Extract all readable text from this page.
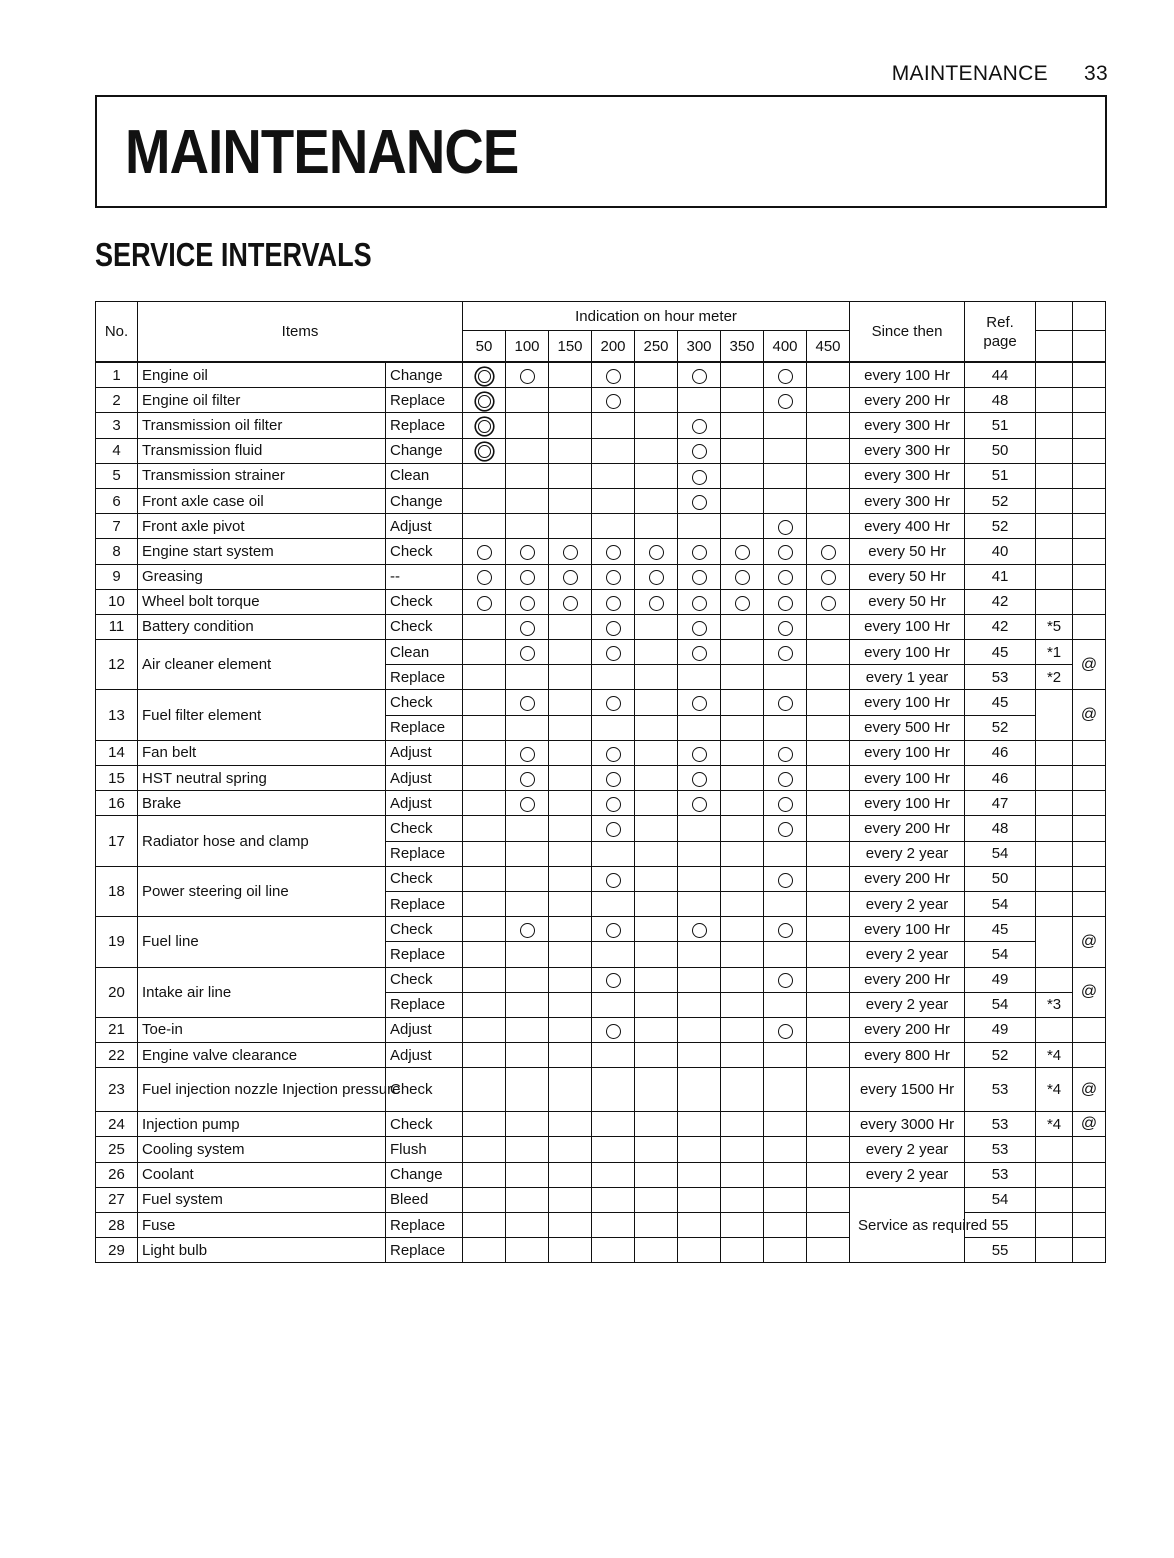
MAINTENANCE 33
MAINTENANCE
SERVICE INTERVALS
No.	Items		Indication on hour meter									Since then	Ref. page		
			50	100	150	200	250	300	350	400	450				
1	Engine oil	Change										every 100 Hr	44		
2	Engine oil filter	Replace										every 200 Hr	48		
3	Transmission oil filter	Replace										every 300 Hr	51		
4	Transmission fluid	Change										every 300 Hr	50		
5	Transmission strainer	Clean										every 300 Hr	51		
6	Front axle case oil	Change										every 300 Hr	52		
7	Front axle pivot	Adjust										every 400 Hr	52		
8	Engine start system	Check										every 50 Hr	40		
9	Greasing	--										every 50 Hr	41		
10	Wheel bolt torque	Check										every 50 Hr	42		
11	Battery condition	Check										every 100 Hr	42	*5	
12	Air cleaner element	Clean										every 100 Hr	45	*1	@
		Replace										every 1 year	53	*2	
13	Fuel filter element	Check										every 100 Hr	45		@
		Replace										every 500 Hr	52		
14	Fan belt	Adjust										every 100 Hr	46		
15	HST neutral spring	Adjust										every 100 Hr	46		
16	Brake	Adjust										every 100 Hr	47		
17	Radiator hose and clamp	Check										every 200 Hr	48		
		Replace										every 2 year	54		
18	Power steering oil line	Check										every 200 Hr	50		
		Replace										every 2 year	54		
19	Fuel line	Check										every 100 Hr	45		@
		Replace										every 2 year	54		
20	Intake air line	Check										every 200 Hr	49		@
		Replace										every 2 year	54	*3	
21	Toe-in	Adjust										every 200 Hr	49		
22	Engine valve clearance	Adjust										every 800 Hr	52	*4	
23	Fuel injection nozzle Injection pressure	Check										every 1500 Hr	53	*4	@
24	Injection pump	Check										every 3000 Hr	53	*4	@
25	Cooling system	Flush										every 2 year	53		
26	Coolant	Change										every 2 year	53		
27	Fuel system	Bleed										Service as required	54		
28	Fuse	Replace											55		
29	Light bulb	Replace											55		
